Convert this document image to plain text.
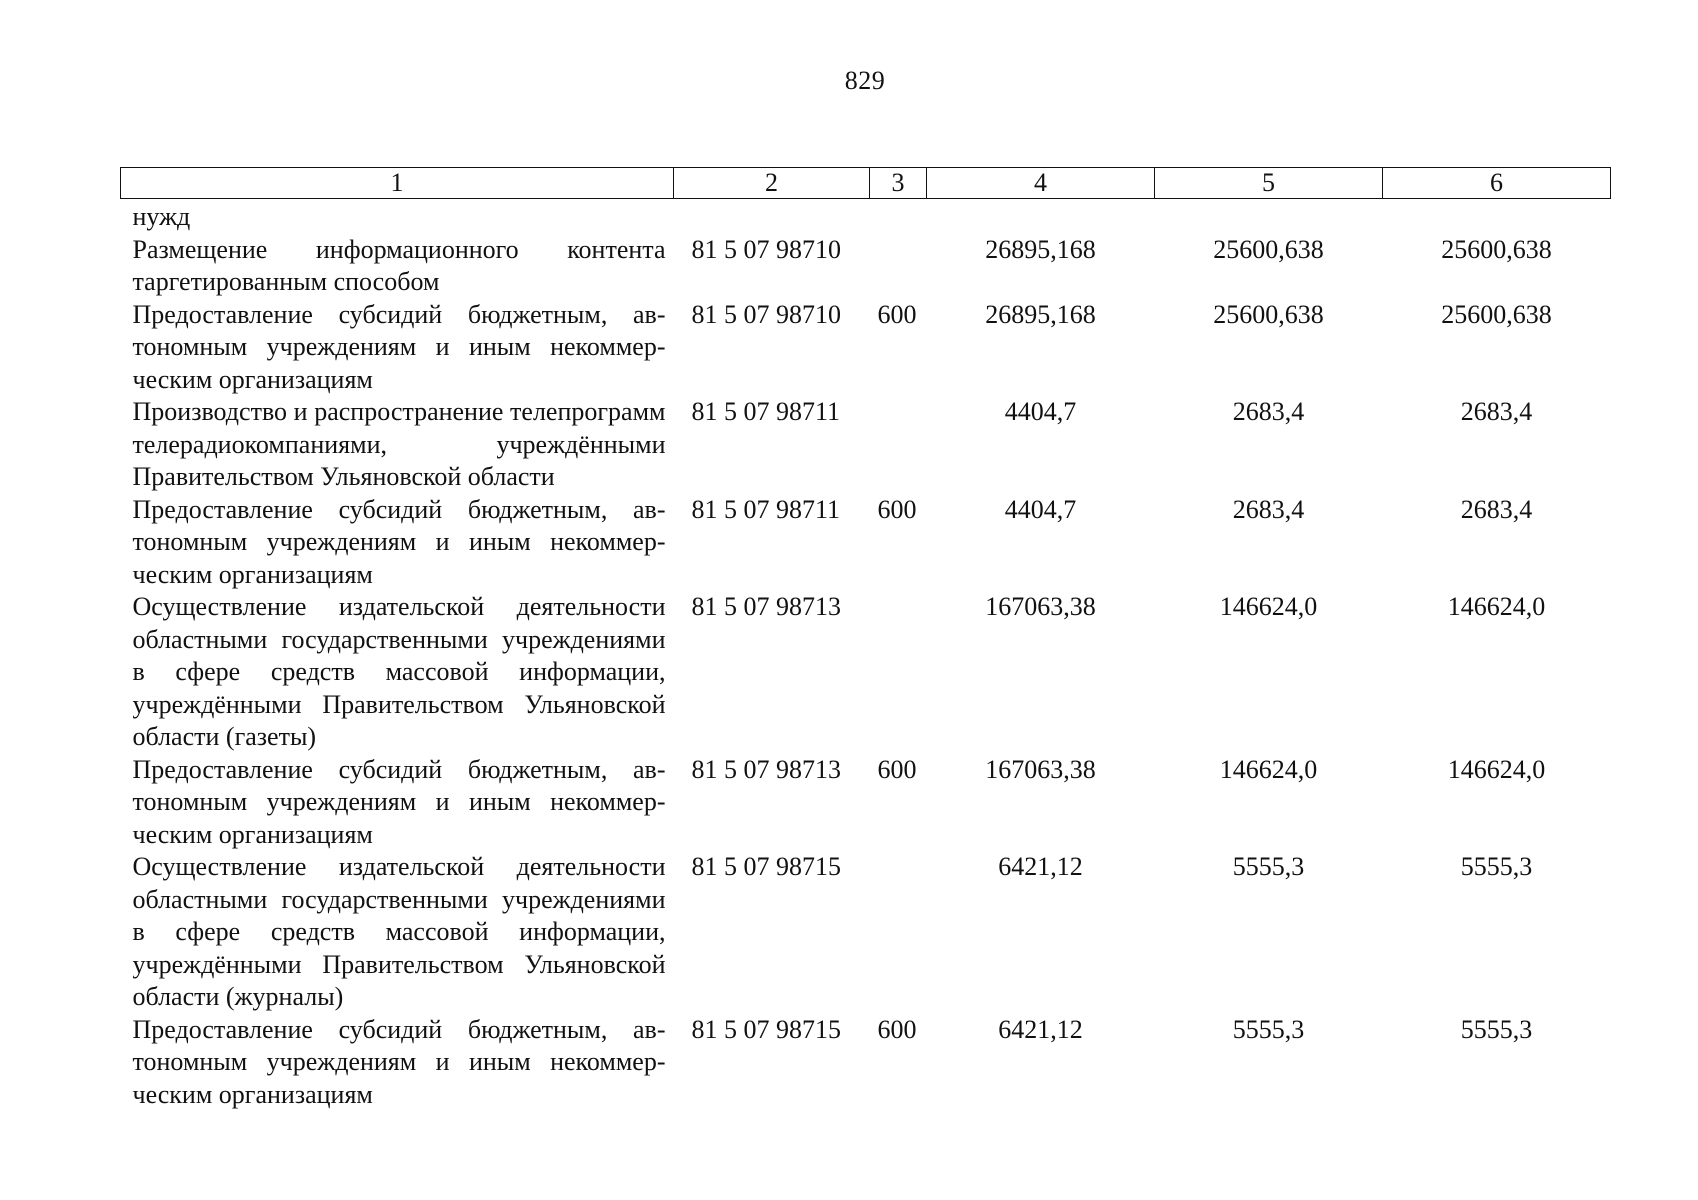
829
1	2	3	4	5	6
нужд					
Размещение информационного контента таргетированным способом	81 5 07 98710		26895,168	25600,638	25600,638
Предоставление субсидий бюджетным, автономным учреждениям и иным некоммерческим организациям	81 5 07 98710	600	26895,168	25600,638	25600,638
Производство и распространение телепрограмм телерадиокомпаниями, учреждёнными Правительством Ульяновской области	81 5 07 98711		4404,7	2683,4	2683,4
Предоставление субсидий бюджетным, автономным учреждениям и иным некоммерческим организациям	81 5 07 98711	600	4404,7	2683,4	2683,4
Осуществление издательской деятельности областными государственными учреждениями в сфере средств массовой информации, учреждёнными Правительством Ульяновской области (газеты)	81 5 07 98713		167063,38	146624,0	146624,0
Предоставление субсидий бюджетным, автономным учреждениям и иным некоммерческим организациям	81 5 07 98713	600	167063,38	146624,0	146624,0
Осуществление издательской деятельности областными государственными учреждениями в сфере средств массовой информации, учреждёнными Правительством Ульяновской области (журналы)	81 5 07 98715		6421,12	5555,3	5555,3
Предоставление субсидий бюджетным, автономным учреждениям и иным некоммерческим организациям	81 5 07 98715	600	6421,12	5555,3	5555,3
